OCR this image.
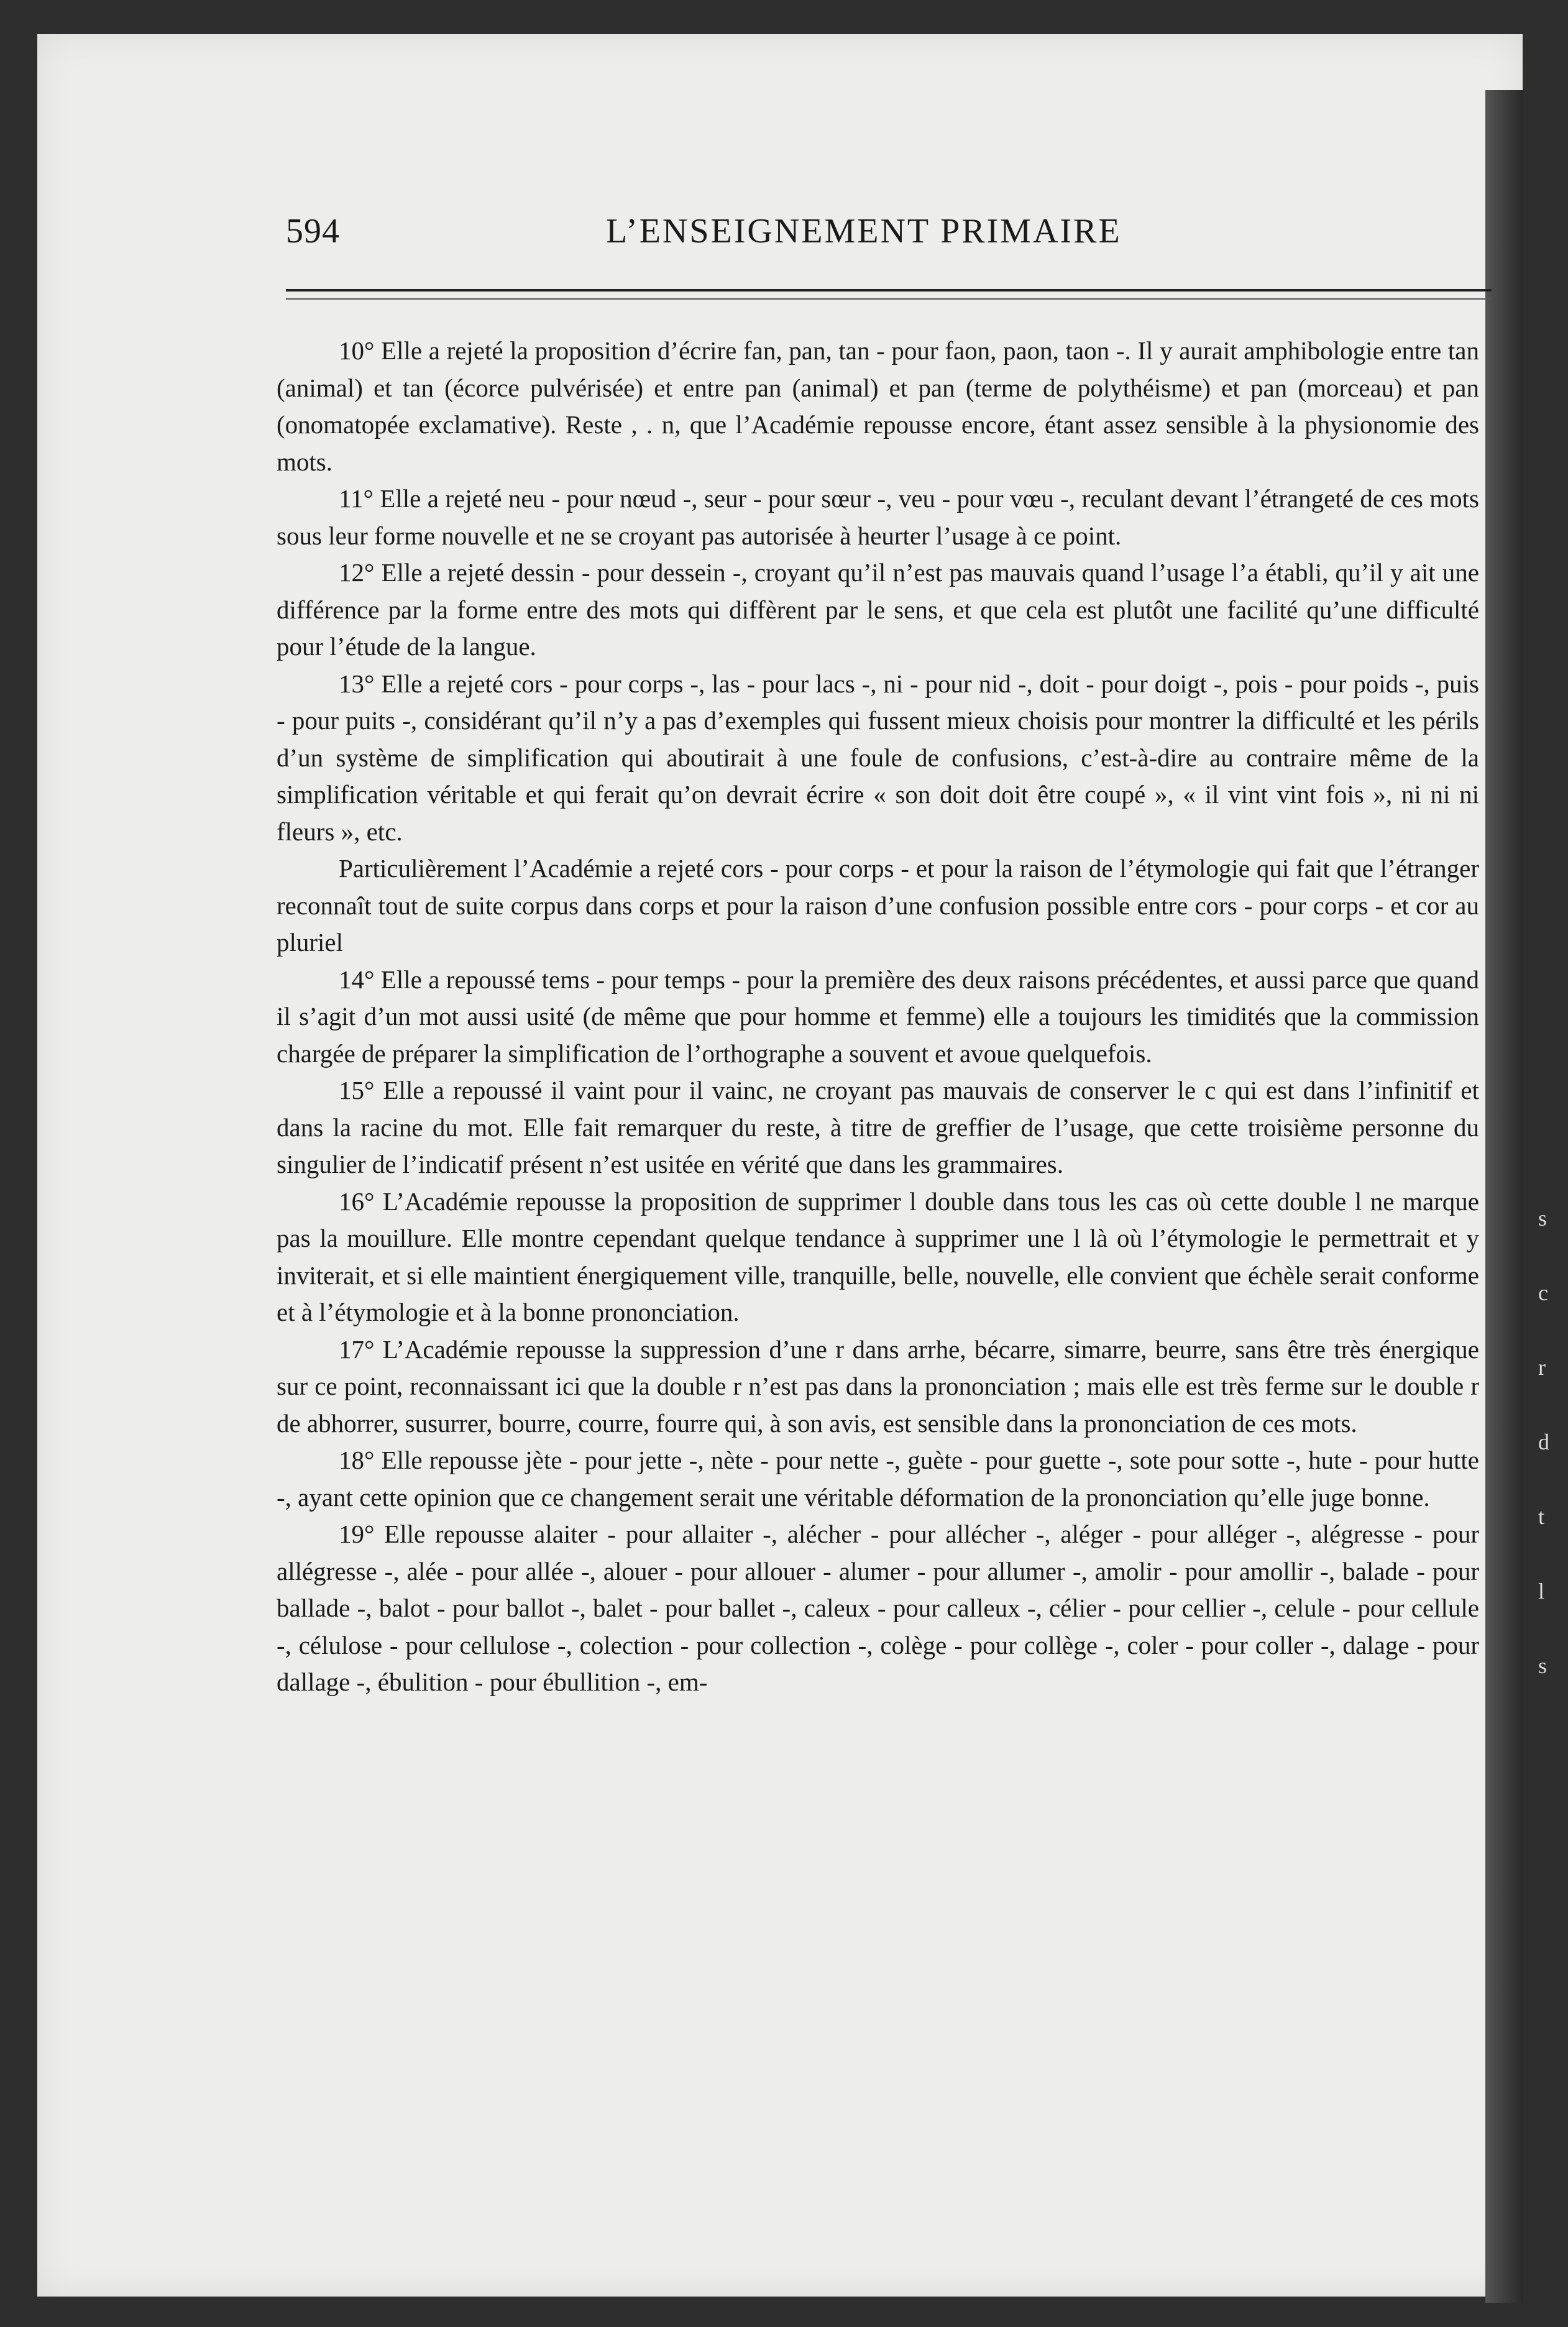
594	L’ENSEIGNEMENT PRIMAIRE

10° Elle a rejeté la proposition d’écrire fan, pan, tan - pour faon, paon, taon -. Il y aurait amphibologie entre tan (animal) et tan (écorce pulvérisée) et entre pan (animal) et pan (terme de polythéisme) et pan (morceau) et pan (onomatopée exclamative). Reste , . n, que l’Académie repousse encore, étant assez sensible à la physionomie des mots.

11° Elle a rejeté neu - pour nœud -, seur - pour sœur -, veu - pour vœu -, reculant devant l’étrangeté de ces mots sous leur forme nouvelle et ne se croyant pas autorisée à heurter l’usage à ce point.

12° Elle a rejeté dessin - pour dessein -, croyant qu’il n’est pas mauvais quand l’usage l’a établi, qu’il y ait une différence par la forme entre des mots qui diffèrent par le sens, et que cela est plutôt une facilité qu’une difficulté pour l’étude de la langue.

13° Elle a rejeté cors - pour corps -, las - pour lacs -, ni - pour nid -, doit - pour doigt -, pois - pour poids -, puis - pour puits -, considérant qu’il n’y a pas d’exemples qui fussent mieux choisis pour montrer la difficulté et les périls d’un système de simplification qui aboutirait à une foule de confusions, c’est-à-dire au contraire même de la simplification véritable et qui ferait qu’on devrait écrire « son doit doit être coupé », « il vint vint fois », ni ni ni fleurs », etc.

Particulièrement l’Académie a rejeté cors - pour corps - et pour la raison de l’étymologie qui fait que l’étranger reconnaît tout de suite corpus dans corps et pour la raison d’une confusion possible entre cors - pour corps - et cor au pluriel

14° Elle a repoussé tems - pour temps - pour la première des deux raisons précédentes, et aussi parce que quand il s’agit d’un mot aussi usité (de même que pour homme et femme) elle a toujours les timidités que la commission chargée de préparer la simplification de l’orthographe a souvent et avoue quelquefois.

15° Elle a repoussé il vaint pour il vainc, ne croyant pas mauvais de conserver le c qui est dans l’infinitif et dans la racine du mot. Elle fait remarquer du reste, à titre de greffier de l’usage, que cette troisième personne du singulier de l’indicatif présent n’est usitée en vérité que dans les grammaires.

16° L’Académie repousse la proposition de supprimer l double dans tous les cas où cette double l ne marque pas la mouillure. Elle montre cependant quelque tendance à supprimer une l là où l’étymologie le permettrait et y inviterait, et si elle maintient énergiquement ville, tranquille, belle, nouvelle, elle convient que échèle serait conforme et à l’étymologie et à la bonne prononciation.

17° L’Académie repousse la suppression d’une r dans arrhe, bécarre, simarre, beurre, sans être très énergique sur ce point, reconnaissant ici que la double r n’est pas dans la prononciation ; mais elle est très ferme sur le double r de abhorrer, susurrer, bourre, courre, fourre qui, à son avis, est sensible dans la prononciation de ces mots.

18° Elle repousse jète - pour jette -, nète - pour nette -, guète - pour guette -, sote pour sotte -, hute - pour hutte -, ayant cette opinion que ce changement serait une véritable déformation de la prononciation qu’elle juge bonne.

19° Elle repousse alaiter - pour allaiter -, alécher - pour allécher -, aléger - pour alléger -, alégresse - pour allégresse -, alée - pour allée -, alouer - pour allouer - alumer - pour allumer -, amolir - pour amollir -, balade - pour ballade -, balot - pour ballot -, balet - pour ballet -, caleux - pour calleux -, célier - pour cellier -, celule - pour cellule -, célulose - pour cellulose -, colection - pour collection -, colège - pour collège -, coler - pour coller -, dalage - pour dallage -, ébulition - pour ébullition -, em-

s
c
r
d
t
l
s
